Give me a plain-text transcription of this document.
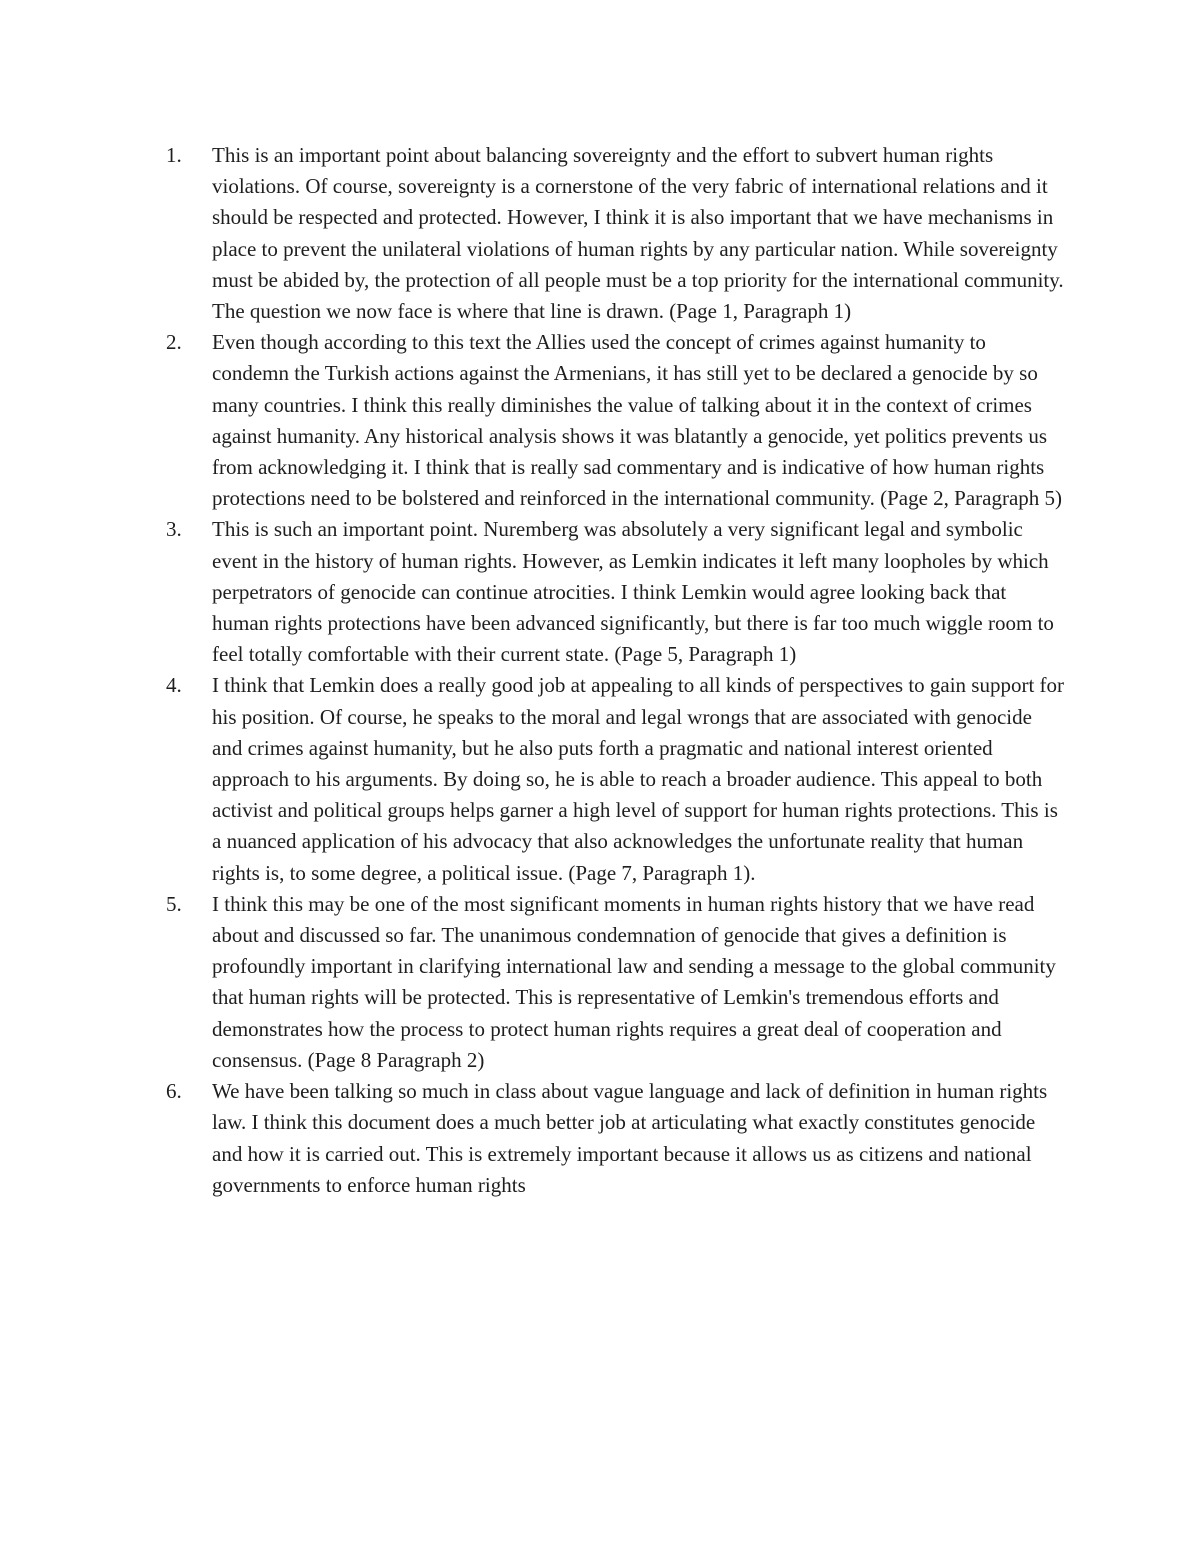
1.	This is an important point about balancing sovereignty and the effort to subvert human rights violations. Of course, sovereignty is a cornerstone of the very fabric of international relations and it should be respected and protected. However, I think it is also important that we have mechanisms in place to prevent the unilateral violations of human rights by any particular nation. While sovereignty must be abided by, the protection of all people must be a top priority for the international community. The question we now face is where that line is drawn. (Page 1, Paragraph 1)
2.	Even though according to this text the Allies used the concept of crimes against humanity to condemn the Turkish actions against the Armenians, it has still yet to be declared a genocide by so many countries. I think this really diminishes the value of talking about it in the context of crimes against humanity. Any historical analysis shows it was blatantly a genocide, yet politics prevents us from acknowledging it. I think that is really sad commentary and is indicative of how human rights protections need to be bolstered and reinforced in the international community. (Page 2, Paragraph 5)
3.	This is such an important point. Nuremberg was absolutely a very significant legal and symbolic event in the history of human rights. However, as Lemkin indicates it left many loopholes by which perpetrators of genocide can continue atrocities. I think Lemkin would agree looking back that human rights protections have been advanced significantly, but there is far too much wiggle room to feel totally comfortable with their current state. (Page 5, Paragraph 1)
4.	I think that Lemkin does a really good job at appealing to all kinds of perspectives to gain support for his position. Of course, he speaks to the moral and legal wrongs that are associated with genocide and crimes against humanity, but he also puts forth a pragmatic and national interest oriented approach to his arguments. By doing so, he is able to reach a broader audience. This appeal to both activist and political groups helps garner a high level of support for human rights protections. This is a nuanced application of his advocacy that also acknowledges the unfortunate reality that human rights is, to some degree, a political issue. (Page 7, Paragraph 1).
5.	I think this may be one of the most significant moments in human rights history that we have read about and discussed so far. The unanimous condemnation of genocide that gives a definition is profoundly important in clarifying international law and sending a message to the global community that human rights will be protected. This is representative of Lemkin's tremendous efforts and demonstrates how the process to protect human rights requires a great deal of cooperation and consensus. (Page 8 Paragraph 2)
6.	We have been talking so much in class about vague language and lack of definition in human rights law. I think this document does a much better job at articulating what exactly constitutes genocide and how it is carried out. This is extremely important because it allows us as citizens and national governments to enforce human rights
